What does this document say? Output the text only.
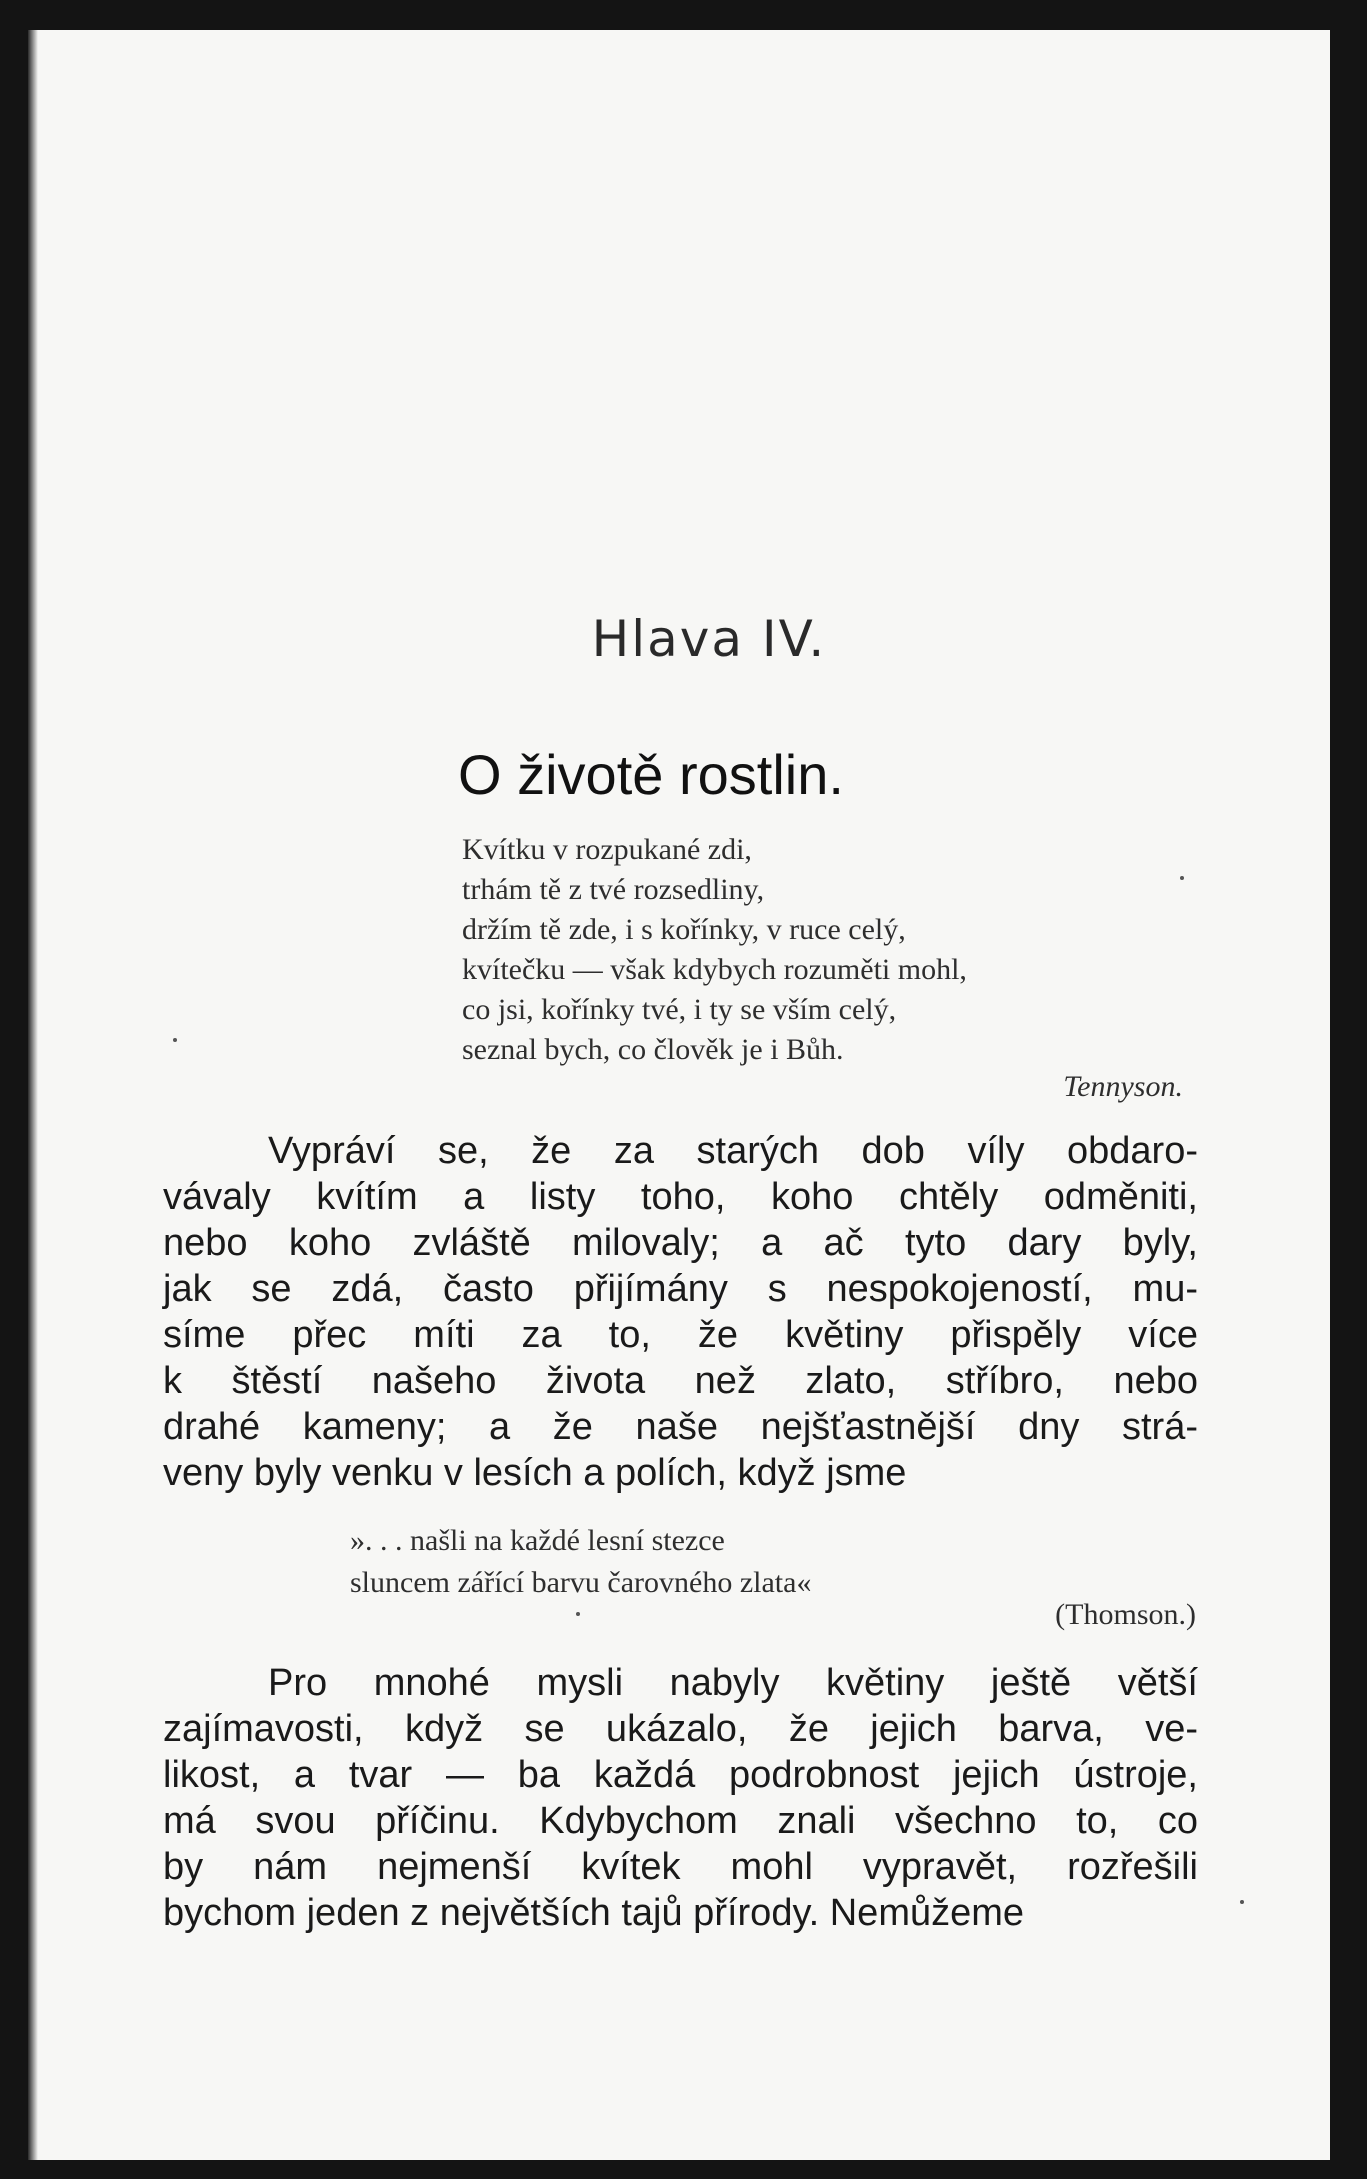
Hlava IV.
O životě rostlin.
Kvítku v rozpukané zdi,
trhám tě z tvé rozsedliny,
držím tě zde, i s kořínky, v ruce celý,
kvítečku — však kdybych rozuměti mohl,
co jsi, kořínky tvé, i ty se vším celý,
seznal bych, co člověk je i Bůh.
Tennyson.
Vypráví se, že za starých dob víly obdaro-
vávaly kvítím a listy toho, koho chtěly odměniti,
nebo koho zvláště milovaly; a ač tyto dary byly,
jak se zdá, často přijímány s nespokojeností, mu-
síme přec míti za to, že květiny přispěly více
k štěstí našeho života než zlato, stříbro, nebo
drahé kameny; a že naše nejšťastnější dny strá-
veny byly venku v lesích a polích, když jsme
». . . našli na každé lesní stezce
sluncem zářící barvu čarovného zlata«
(Thomson.)
Pro mnohé mysli nabyly květiny ještě větší
zajímavosti, když se ukázalo, že jejich barva, ve-
likost, a tvar — ba každá podrobnost jejich ústroje,
má svou příčinu. Kdybychom znali všechno to, co
by nám nejmenší kvítek mohl vypravět, rozřešili
bychom jeden z největších tajů přírody. Nemůžeme
